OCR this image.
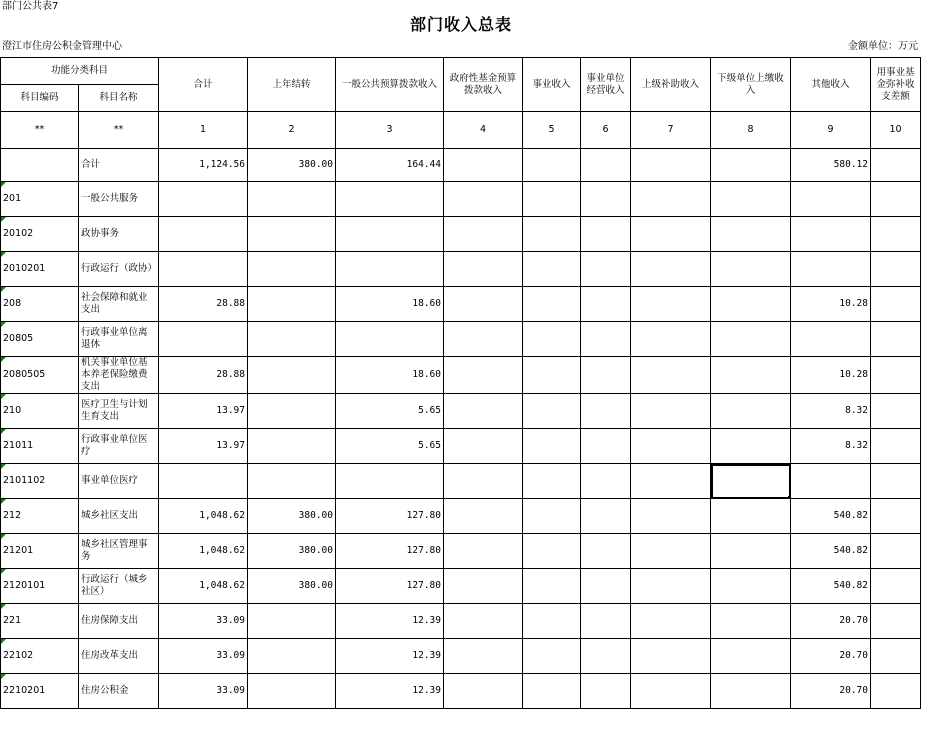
部门公共表7
部门收入总表
澄江市住房公积金管理中心	金额单位：万元
功能分类科目		合计	上年结转	一般公共预算拨款收入	政府性基金预算拨款收入	事业收入	事业单位经营收入	上级补助收入	下级单位上缴收入	其他收入	用事业基金弥补收支差额
科目编码	科目名称										
**	**	1	2	3	4	5	6	7	8	9	10
	合计	1,124.56	380.00	164.44						580.12	
201	一般公共服务										
20102	政协事务										
2010201	行政运行（政协）										
208	社会保障和就业支出	28.88		18.60						10.28	
20805	行政事业单位离退休										
2080505	机关事业单位基本养老保险缴费支出	28.88		18.60						10.28	
210	医疗卫生与计划生育支出	13.97		5.65						8.32	
21011	行政事业单位医疗	13.97		5.65						8.32	
2101102	事业单位医疗										
212	城乡社区支出	1,048.62	380.00	127.80						540.82	
21201	城乡社区管理事务	1,048.62	380.00	127.80						540.82	
2120101	行政运行（城乡社区）	1,048.62	380.00	127.80						540.82	
221	住房保障支出	33.09		12.39						20.70	
22102	住房改革支出	33.09		12.39						20.70	
2210201	住房公积金	33.09		12.39						20.70	
